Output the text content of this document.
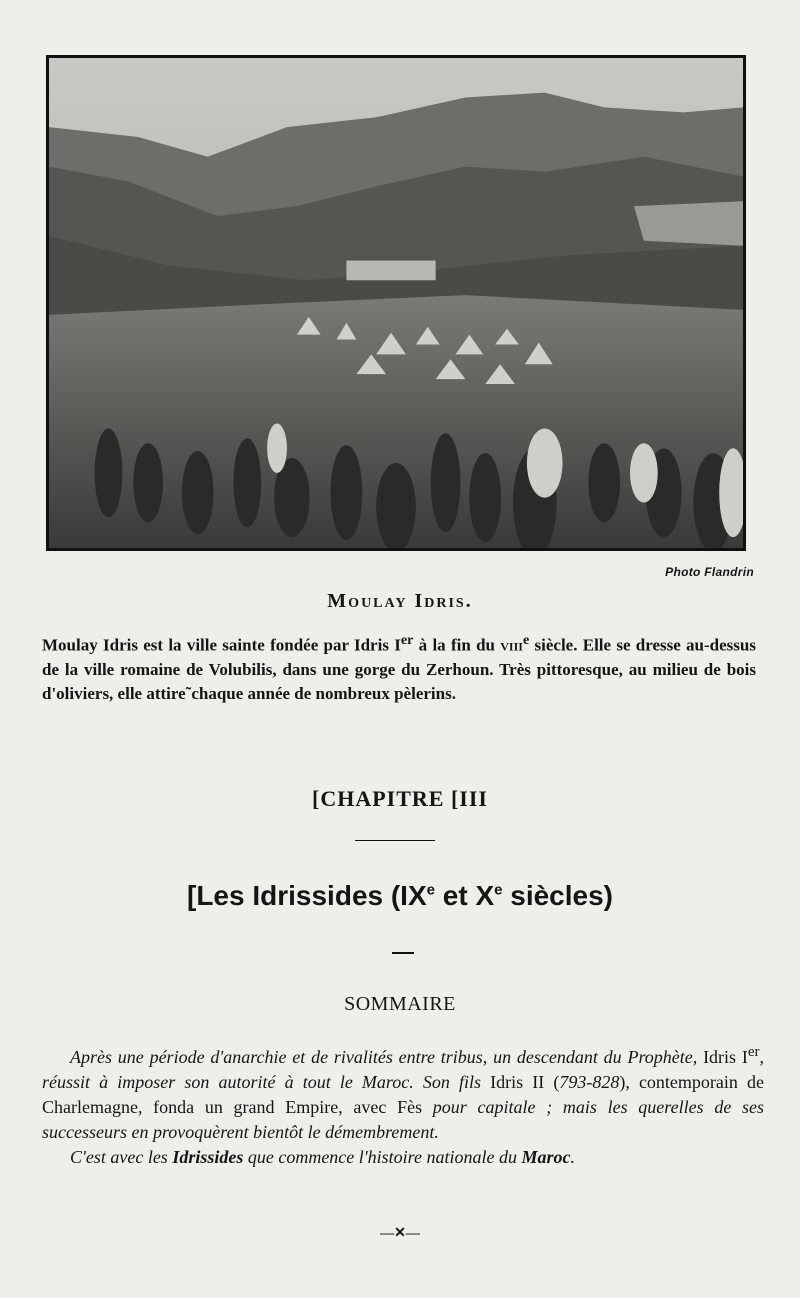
Photo Flandrin
Moulay Idris.

Moulay Idris est la ville sainte fondée par Idris Ier à la fin du viii$^e$ siècle. Elle se dresse au-dessus de la ville romaine de Volubilis, dans une gorge du Zerhoun. Très pittoresque, au milieu de bois d'oliviers, elle attire˜chaque année de nombreux pèlerins.

[CHAPITRE [III
[Les Idrissides (IXe et Xe siècles)
SOMMAIRE

Après une période d'anarchie et de rivalités entre tribus, un descendant du Prophète, Idris Ier, réussit à imposer son autorité à tout le Maroc. Son fils Idris II (793-828), contemporain de Charlemagne, fonda un grand Empire, avec Fès pour capitale ; mais les querelles de ses successeurs en provoquèrent bientôt le démembrement.

C'est avec les Idrissides que commence l'histoire nationale du Maroc.

—✕—
